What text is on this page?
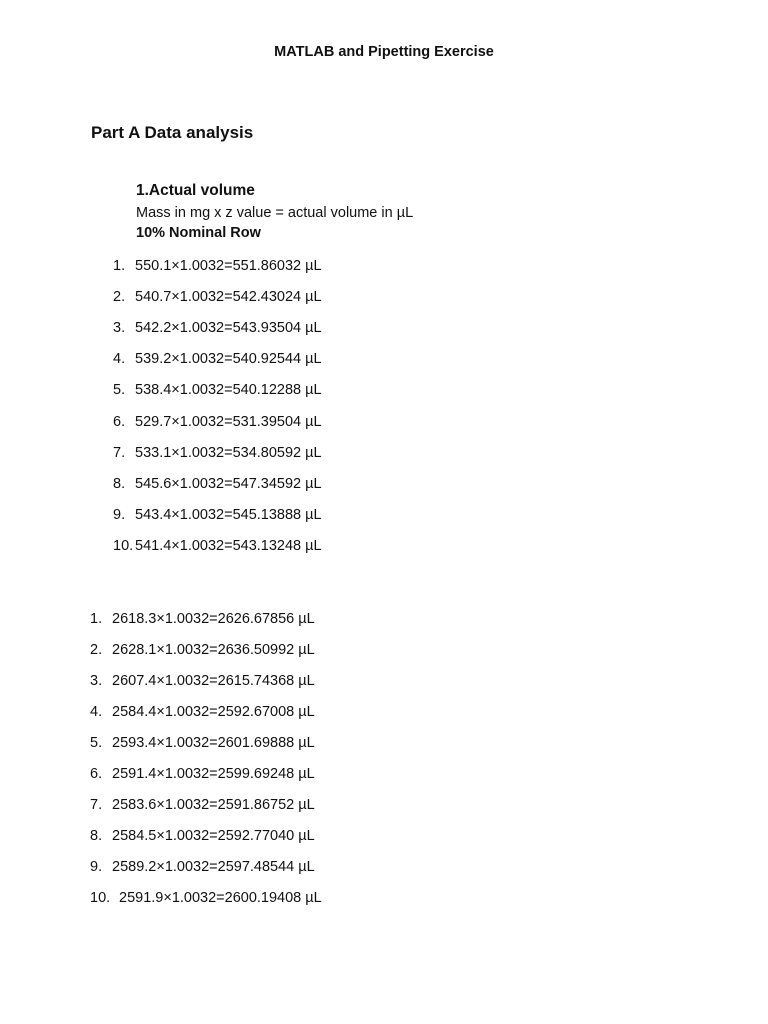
MATLAB and Pipetting Exercise
Part A Data analysis
1.Actual volume
Mass in mg x z value = actual volume in µL
10% Nominal Row
1. 550.1×1.0032=551.86032 µL
2. 540.7×1.0032=542.43024 µL
3. 542.2×1.0032=543.93504 µL
4. 539.2×1.0032=540.92544 µL
5. 538.4×1.0032=540.12288 µL
6. 529.7×1.0032=531.39504 µL
7. 533.1×1.0032=534.80592 µL
8. 545.6×1.0032=547.34592 µL
9. 543.4×1.0032=545.13888 µL
10. 541.4×1.0032=543.13248 µL
1. 2618.3×1.0032=2626.67856 µL
2. 2628.1×1.0032=2636.50992 µL
3. 2607.4×1.0032=2615.74368 µL
4. 2584.4×1.0032=2592.67008 µL
5. 2593.4×1.0032=2601.69888 µL
6. 2591.4×1.0032=2599.69248 µL
7. 2583.6×1.0032=2591.86752 µL
8. 2584.5×1.0032=2592.77040 µL
9. 2589.2×1.0032=2597.48544 µL
10. 2591.9×1.0032=2600.19408 µL
